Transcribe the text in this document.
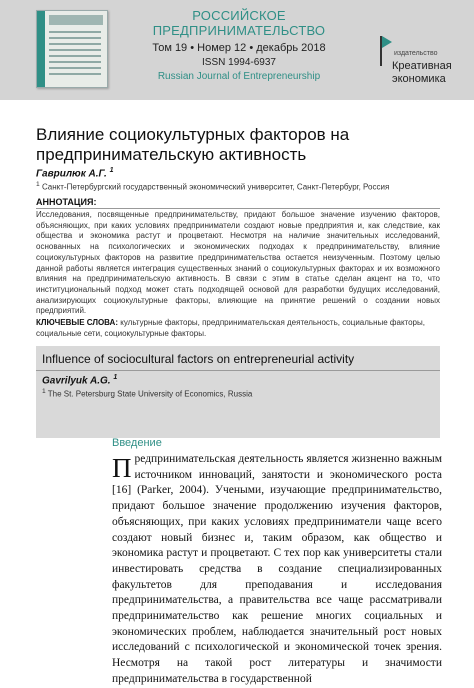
РОССИЙСКОЕ ПРЕДПРИНИМАТЕЛЬСТВО
Том 19 • Номер 12 • декабрь 2018
ISSN 1994-6937
Russian Journal of Entrepreneurship
издательство
Креативная экономика
Влияние социокультурных факторов на предпринимательскую активность
Гаврилюк А.Г. $^1$
$^1$ Санкт-Петербургский государственный экономический университет, Санкт-Петербург, Россия
АННОТАЦИЯ:
Исследования, посвященные предпринимательству, придают большое значение изучению факторов, объясняющих, при каких условиях предприниматели создают новые предприятия и, как следствие, как общества и экономика растут и процветают. Несмотря на наличие значительных исследований, основанных на психологических и экономических подходах к предпринимательству, влияние социокультурных факторов на развитие предпринимательства остается неизученным. Поэтому целью данной работы является интеграция существенных знаний о социокультурных факторах и их возможного влияния на предпринимательскую активность. В связи с этим в статье сделан акцент на то, что институциональный подход может стать подходящей основой для разработки будущих исследований, анализирующих социокультурные факторы, влияющие на принятие решений о создании новых предприятий.
КЛЮЧЕВЫЕ СЛОВА: культурные факторы, предпринимательская деятельность, социальные факторы, социальные сети, социокультурные факторы.
Influence of sociocultural factors on entrepreneurial activity
Gavrilyuk A.G. $^1$
$^1$ The St. Petersburg State University of Economics, Russia
Введение
Предпринимательская деятельность является жизненно важным источником инноваций, занятости и экономического роста [16] (Parker, 2004). Учеными, изучающие предпринимательство, придают большое значение продолжению изучения факторов, объясняющих, при каких условиях предприниматели чаще всего создают новый бизнес и, таким образом, как общество и экономика растут и процветают. С тех пор как университеты стали инвестировать средства в создание специализированных факультетов для преподавания и исследования предпринимательства, а правительства все чаще рассматривали предпринимательство как решение многих социальных и экономических проблем, наблюдается значительный рост новых исследований с психологической и экономической точек зрения. Несмотря на такой рост литературы и значимости предпринимательства в государственной
